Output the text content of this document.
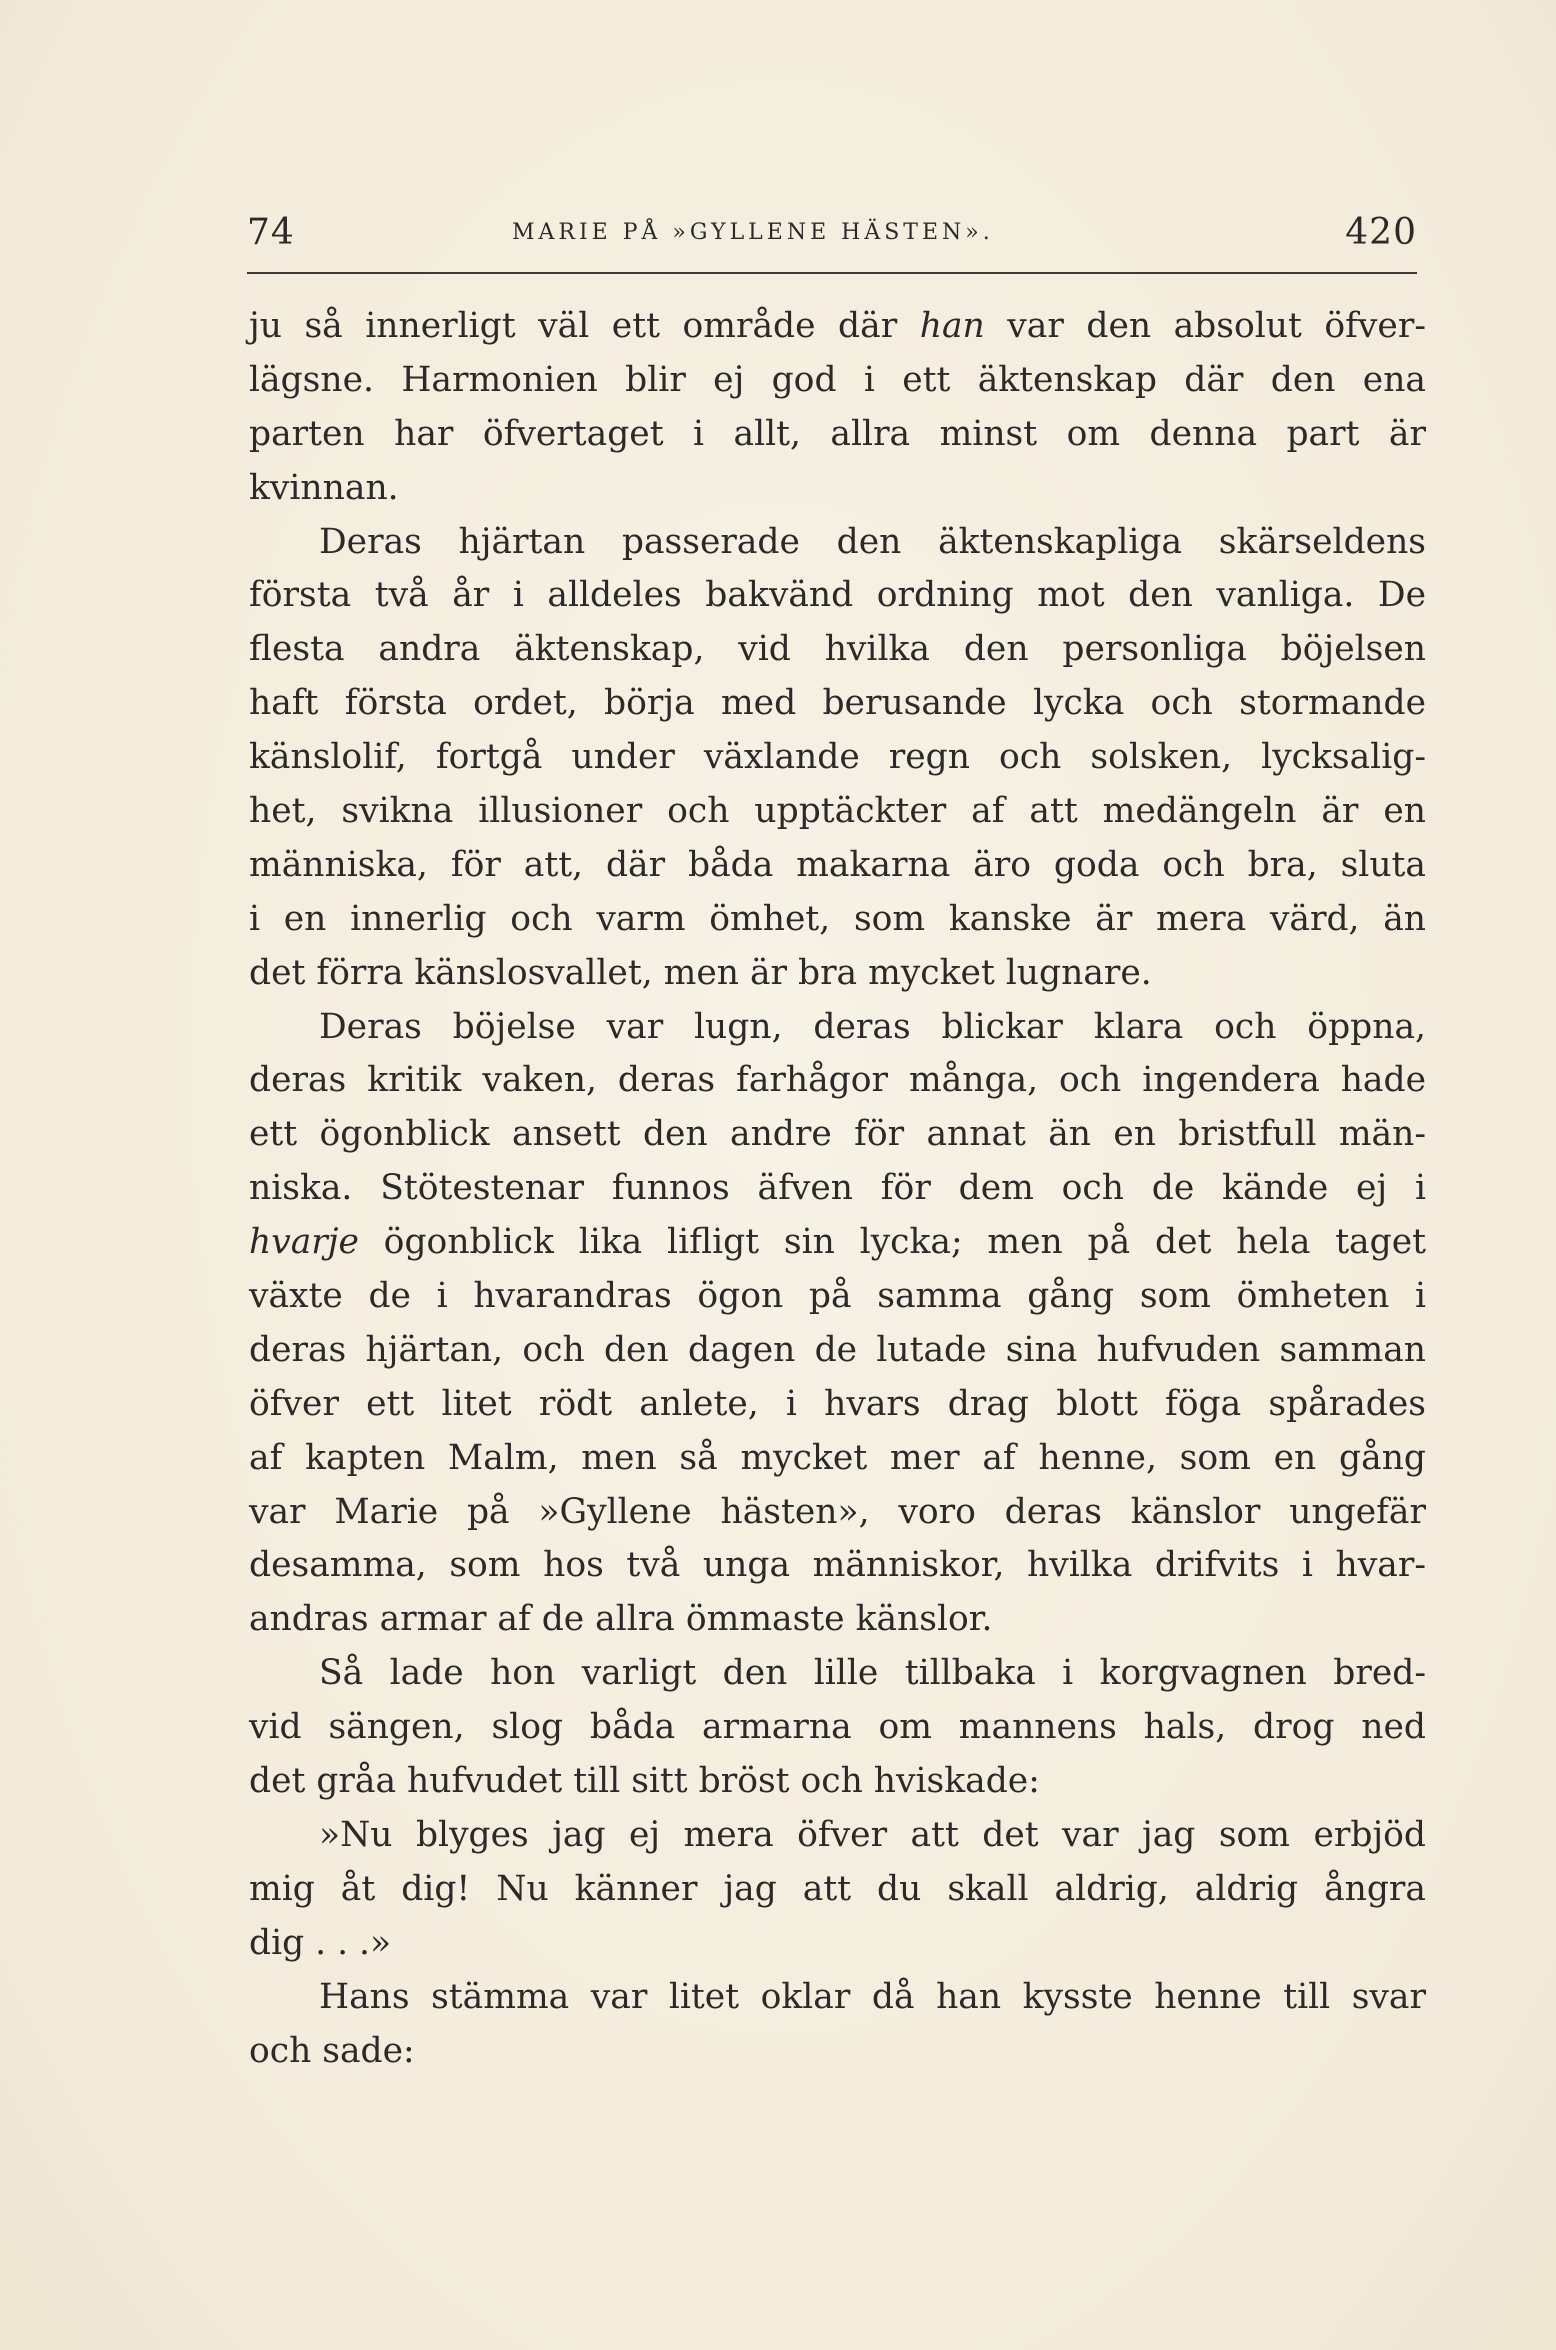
74	MARIE PÅ »GYLLENE HÄSTEN».	420
ju så innerligt väl ett område där han var den absolut öfver-
lägsne. Harmonien blir ej god i ett äktenskap där den ena
parten har öfvertaget i allt, allra minst om denna part är
kvinnan.
Deras hjärtan passerade den äktenskapliga skärseldens
första två år i alldeles bakvänd ordning mot den vanliga. De
flesta andra äktenskap, vid hvilka den personliga böjelsen
haft första ordet, börja med berusande lycka och stormande
känslolif, fortgå under växlande regn och solsken, lycksalig-
het, svikna illusioner och upptäckter af att medängeln är en
människa, för att, där båda makarna äro goda och bra, sluta
i en innerlig och varm ömhet, som kanske är mera värd, än
det förra känslosvallet, men är bra mycket lugnare.
Deras böjelse var lugn, deras blickar klara och öppna,
deras kritik vaken, deras farhågor många, och ingendera hade
ett ögonblick ansett den andre för annat än en bristfull män-
niska. Stötestenar funnos äfven för dem och de kände ej i
hvarje ögonblick lika lifligt sin lycka; men på det hela taget
växte de i hvarandras ögon på samma gång som ömheten i
deras hjärtan, och den dagen de lutade sina hufvuden samman
öfver ett litet rödt anlete, i hvars drag blott föga spårades
af kapten Malm, men så mycket mer af henne, som en gång
var Marie på »Gyllene hästen», voro deras känslor ungefär
desamma, som hos två unga människor, hvilka drifvits i hvar-
andras armar af de allra ömmaste känslor.
Så lade hon varligt den lille tillbaka i korgvagnen bred-
vid sängen, slog båda armarna om mannens hals, drog ned
det gråa hufvudet till sitt bröst och hviskade:
»Nu blyges jag ej mera öfver att det var jag som erbjöd
mig åt dig! Nu känner jag att du skall aldrig, aldrig ångra
dig . . .»
Hans stämma var litet oklar då han kysste henne till svar
och sade:
